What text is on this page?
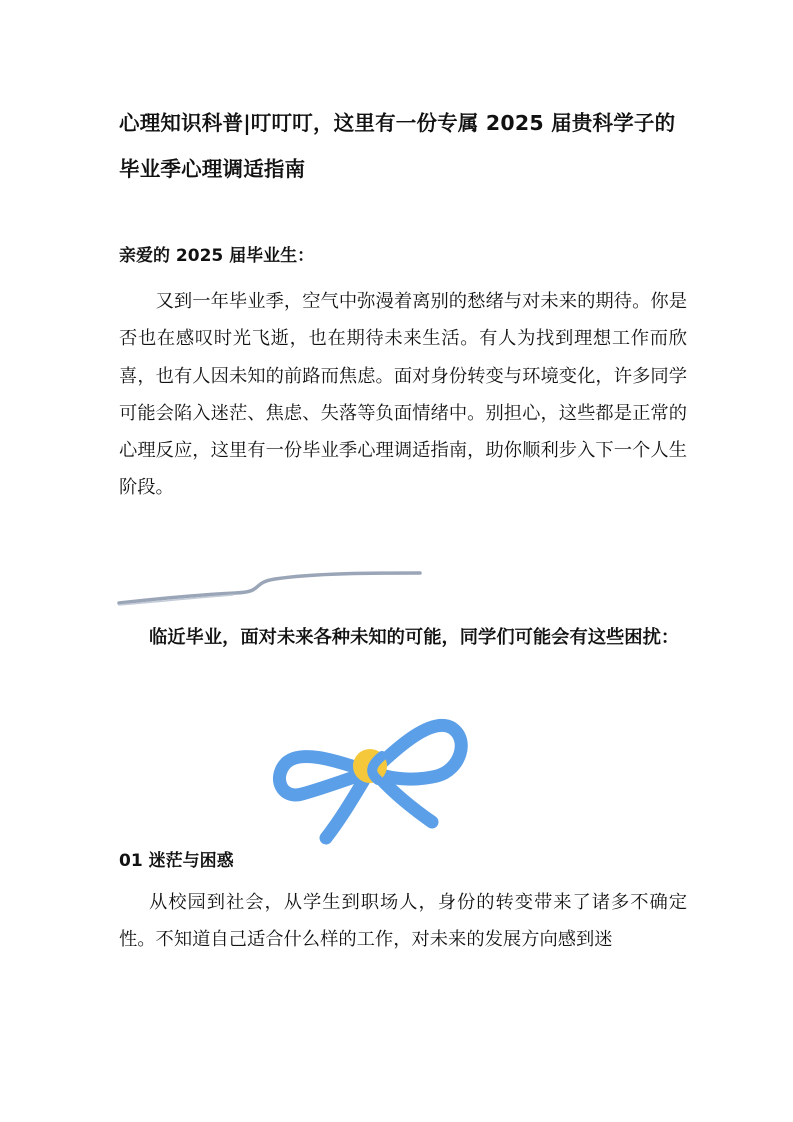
心理知识科普|叮叮叮，这里有一份专属 2025 届贵科学子的毕业季心理调适指南
亲爱的 2025 届毕业生：

又到一年毕业季，空气中弥漫着离别的愁绪与对未来的期待。你是否也在感叹时光飞逝，也在期待未来生活。有人为找到理想工作而欣喜，也有人因未知的前路而焦虑。面对身份转变与环境变化，许多同学可能会陷入迷茫、焦虑、失落等负面情绪中。别担心，这些都是正常的心理反应，这里有一份毕业季心理调适指南，助你顺利步入下一个人生阶段。

临近毕业，面对未来各种未知的可能，同学们可能会有这些困扰：

01 迷茫与困惑

从校园到社会，从学生到职场人，身份的转变带来了诸多不确定性。不知道自己适合什么样的工作，对未来的发展方向感到迷
